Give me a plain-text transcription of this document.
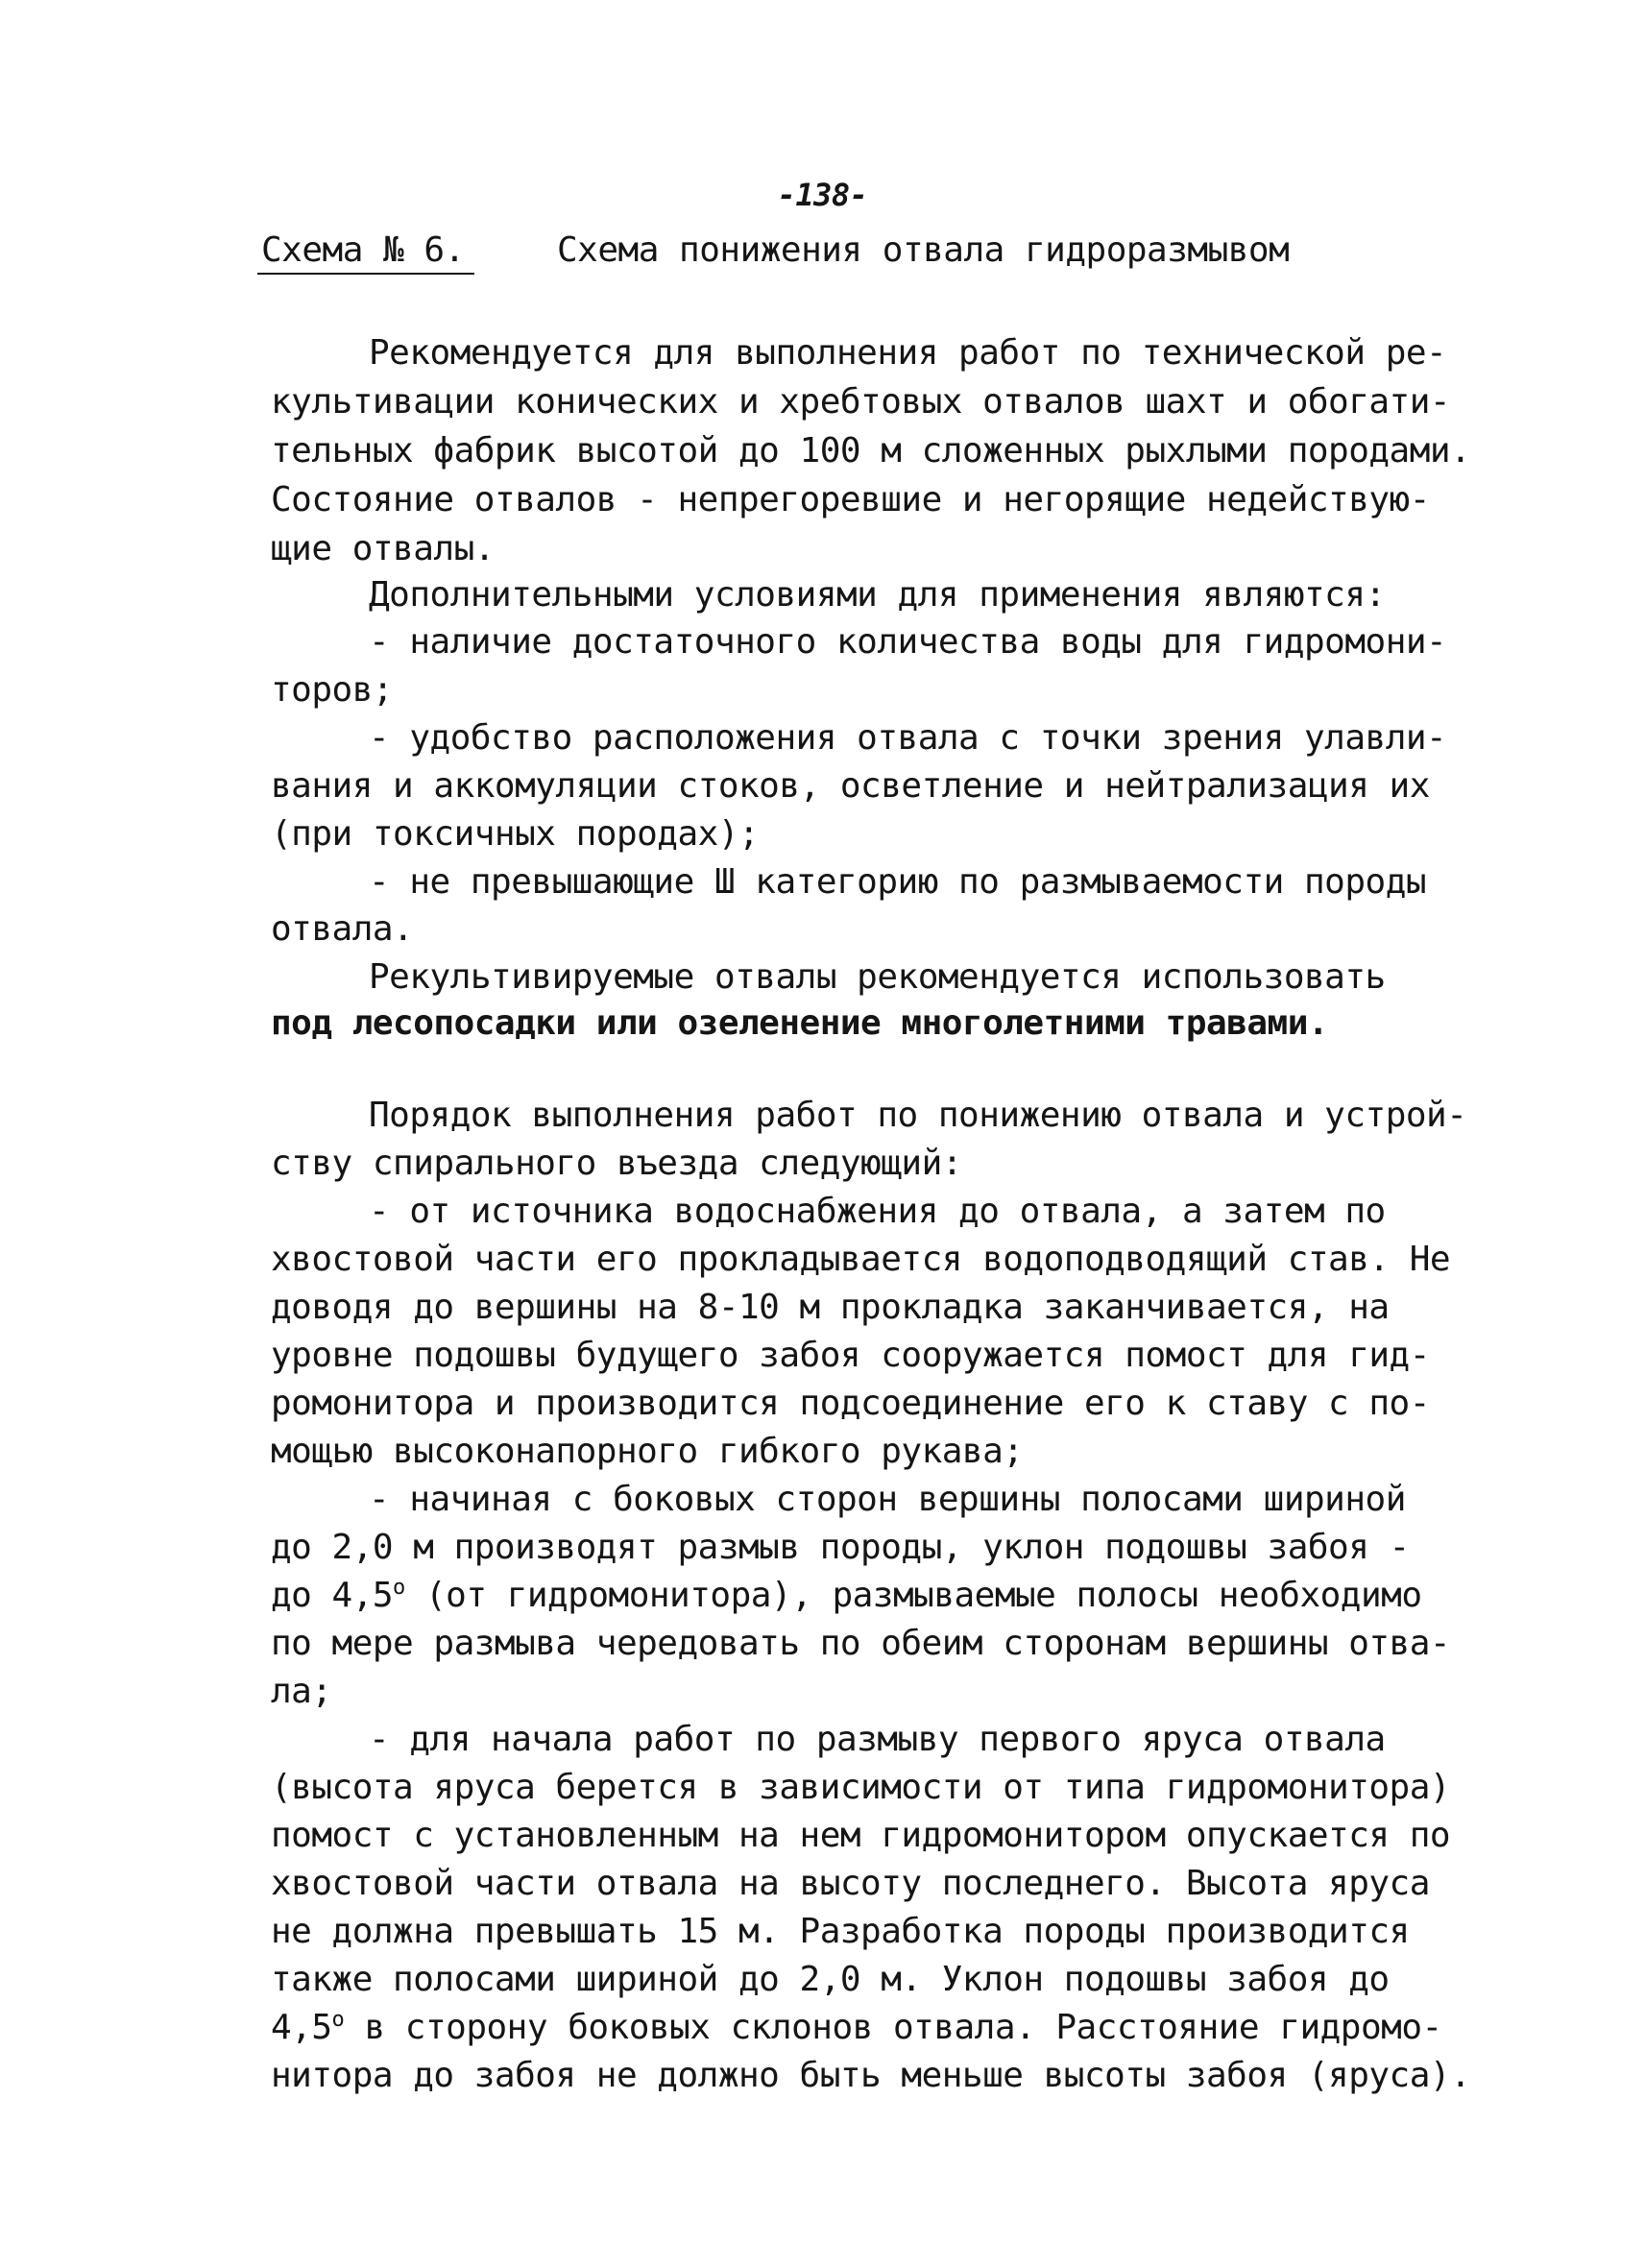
-138-
Схема № 6.	Схема понижения отвала гидроразмывом
Рекомендуется для выполнения работ по технической ре-
культивации конических и хребтовых отвалов шахт и обогати-
тельных фабрик высотой до 100 м сложенных рыхлыми породами.
Состояние отвалов - непрегоревшие и негорящие недействую-
щие отвалы.
Дополнительными условиями для применения являются:
- наличие достаточного количества воды для гидромони-
торов;
- удобство расположения отвала с точки зрения улавли-
вания и аккомуляции стоков, осветление и нейтрализация их
(при токсичных породах);
- не превышающие Ш категорию по размываемости породы
отвала.
Рекультивируемые отвалы рекомендуется использовать
под лесопосадки или озеленение многолетними травами.
Порядок выполнения работ по понижению отвала и устрой-
ству спирального въезда следующий:
- от источника водоснабжения до отвала, а затем по
хвостовой части его прокладывается водоподводящий став. Не
доводя до вершины на 8-10 м прокладка заканчивается, на
уровне подошвы будущего забоя сооружается помост для гид-
ромонитора и производится подсоединение его к ставу с по-
мощью высоконапорного гибкого рукава;
- начиная с боковых сторон вершины полосами шириной
до 2,0 м производят размыв породы, уклон подошвы забоя -
до 4,5$^o$ (от гидромонитора), размываемые полосы необходимо
по мере размыва чередовать по обеим сторонам вершины отва-
ла;
- для начала работ по размыву первого яруса отвала
(высота яруса берется в зависимости от типа гидромонитора)
помост с установленным на нем гидромонитором опускается по
хвостовой части отвала на высоту последнего. Высота яруса
не должна превышать 15 м. Разработка породы производится
также полосами шириной до 2,0 м. Уклон подошвы забоя до
4,5$^o$ в сторону боковых склонов отвала. Расстояние гидромо-
нитора до забоя не должно быть меньше высоты забоя (яруса).
